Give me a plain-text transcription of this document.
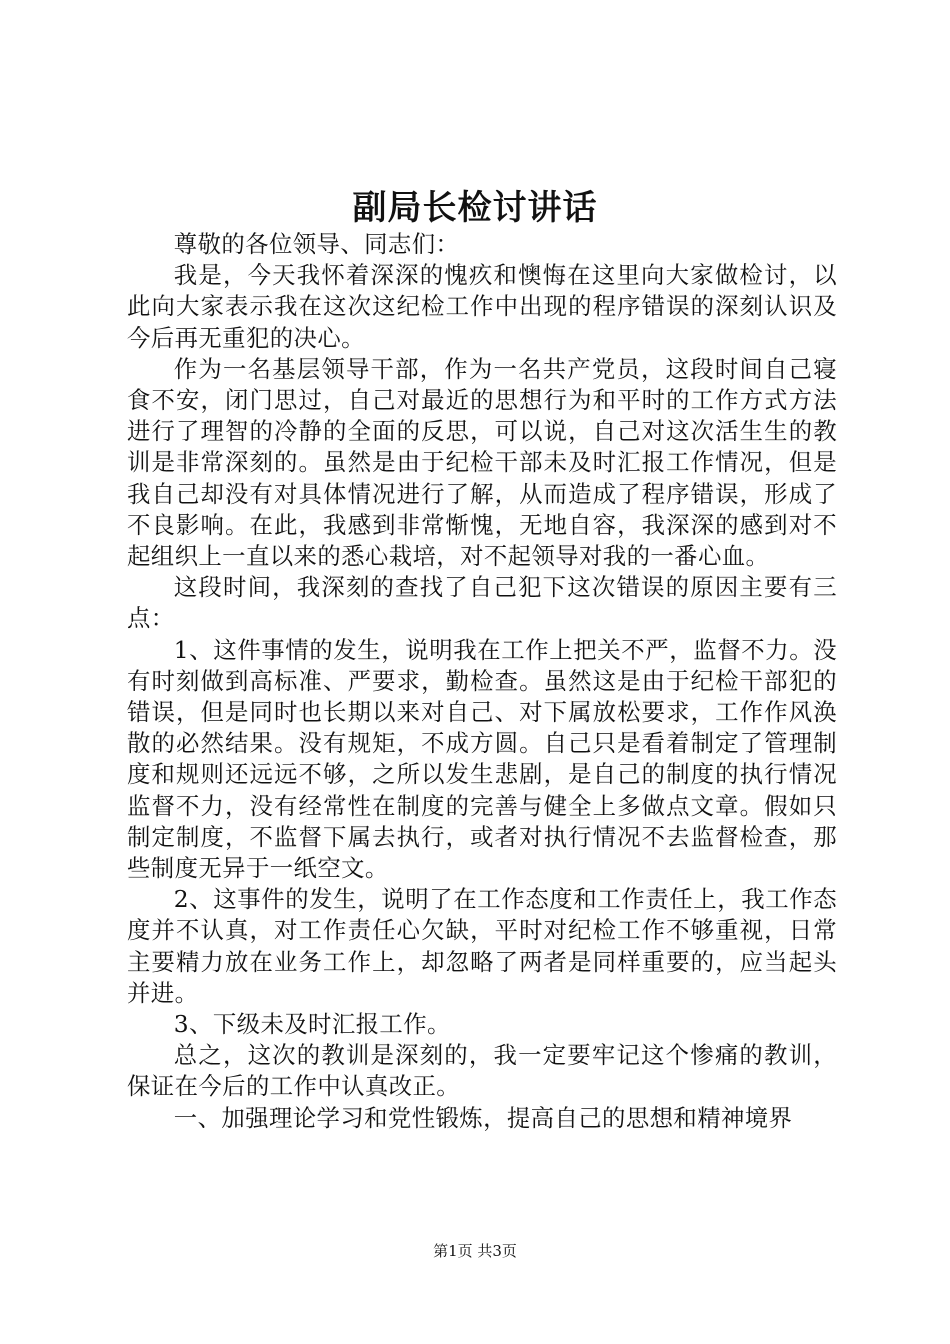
副局长检讨讲话

尊敬的各位领导、同志们：

我是，今天我怀着深深的愧疚和懊悔在这里向大家做检讨，以此向大家表示我在这次这纪检工作中出现的程序错误的深刻认识及今后再无重犯的决心。

作为一名基层领导干部，作为一名共产党员，这段时间自己寝食不安，闭门思过，自己对最近的思想行为和平时的工作方式方法进行了理智的冷静的全面的反思，可以说，自己对这次活生生的教训是非常深刻的。虽然是由于纪检干部未及时汇报工作情况，但是我自己却没有对具体情况进行了解，从而造成了程序错误，形成了不良影响。在此，我感到非常惭愧，无地自容，我深深的感到对不起组织上一直以来的悉心栽培，对不起领导对我的一番心血。

这段时间，我深刻的查找了自己犯下这次错误的原因主要有三点：

1、这件事情的发生，说明我在工作上把关不严，监督不力。没有时刻做到高标准、严要求，勤检查。虽然这是由于纪检干部犯的错误，但是同时也长期以来对自己、对下属放松要求，工作作风涣散的必然结果。没有规矩，不成方圆。自己只是看着制定了管理制度和规则还远远不够，之所以发生悲剧，是自己的制度的执行情况监督不力，没有经常性在制度的完善与健全上多做点文章。假如只制定制度，不监督下属去执行，或者对执行情况不去监督检查，那些制度无异于一纸空文。

2、这事件的发生，说明了在工作态度和工作责任上，我工作态度并不认真，对工作责任心欠缺，平时对纪检工作不够重视，日常主要精力放在业务工作上，却忽略了两者是同样重要的，应当起头并进。

3、下级未及时汇报工作。

总之，这次的教训是深刻的，我一定要牢记这个惨痛的教训，保证在今后的工作中认真改正。

一、加强理论学习和党性锻炼，提高自己的思想和精神境界

第1页 共3页
